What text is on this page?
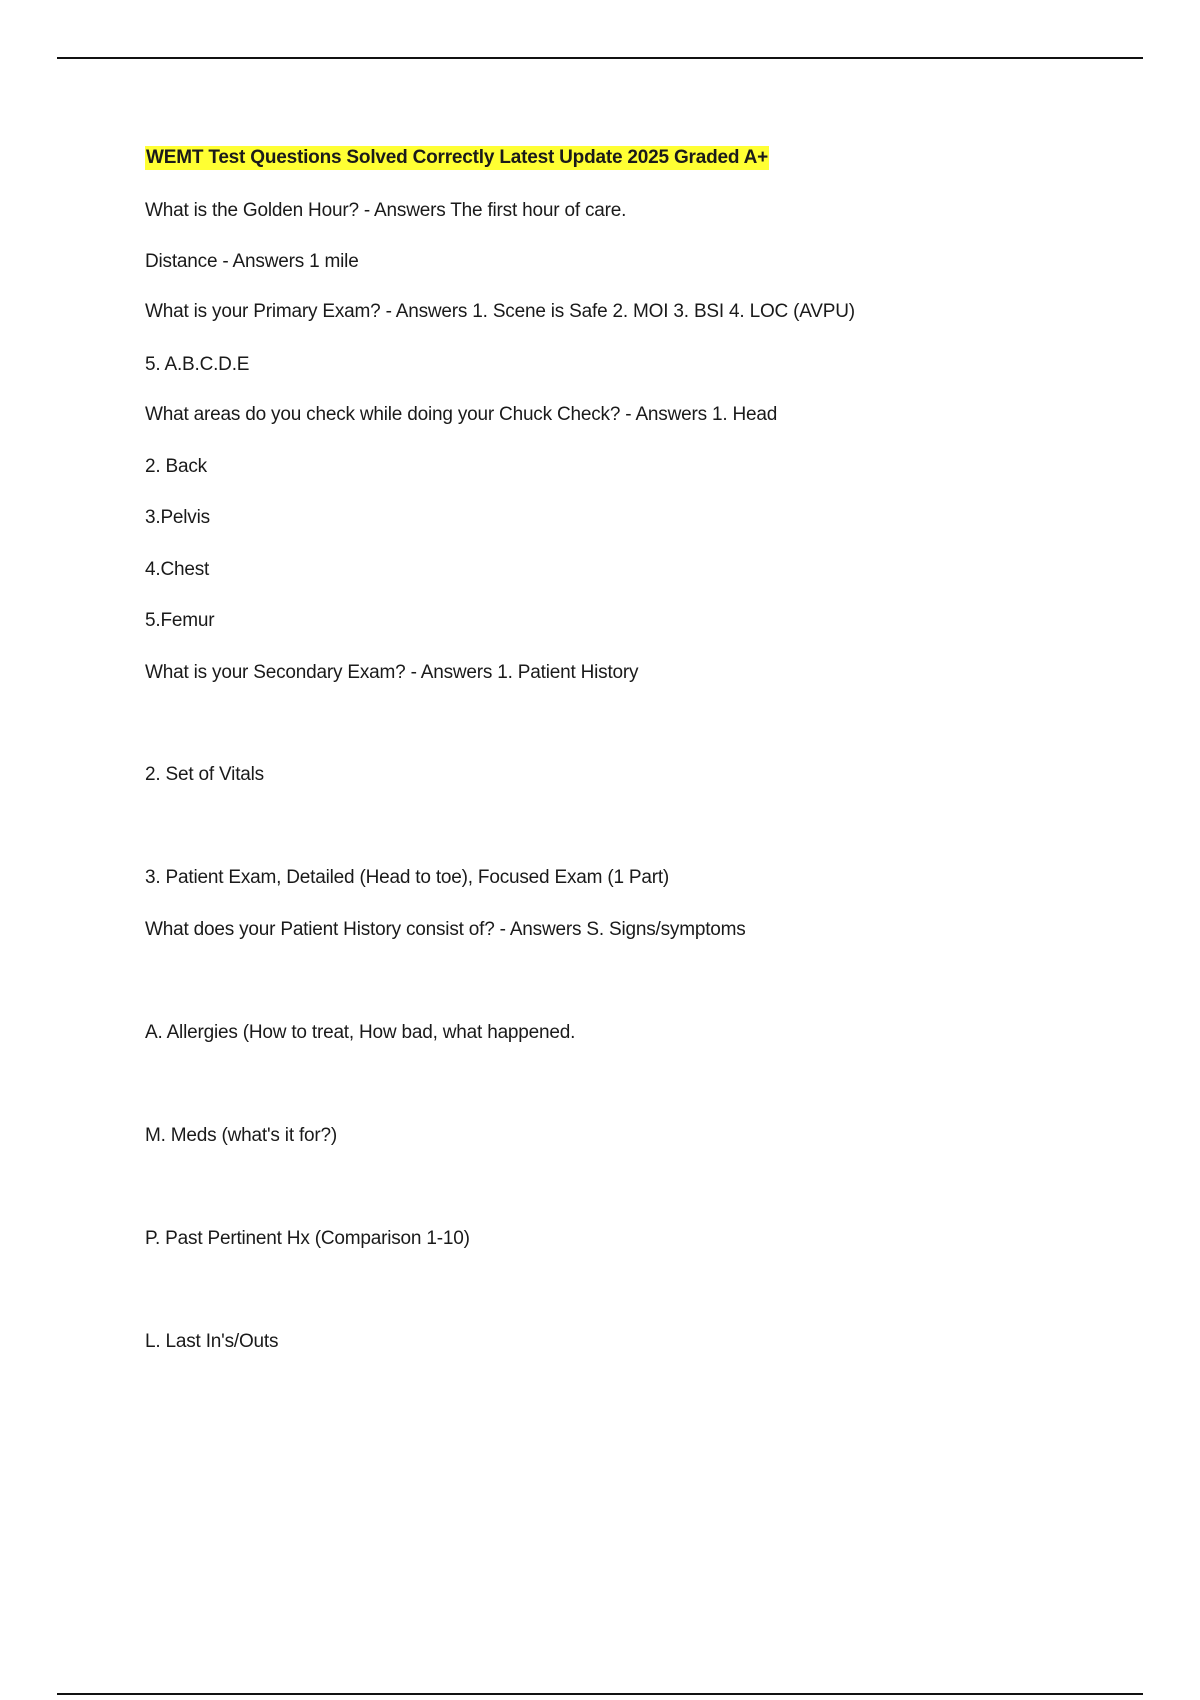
WEMT Test Questions Solved Correctly Latest Update 2025 Graded A+
What is the Golden Hour? - Answers The first hour of care.
Distance - Answers 1 mile
What is your Primary Exam? - Answers 1. Scene is Safe 2. MOI 3. BSI 4. LOC (AVPU)
5. A.B.C.D.E
What areas do you check while doing your Chuck Check? - Answers 1. Head
2. Back
3.Pelvis
4.Chest
5.Femur
What is your Secondary Exam? - Answers 1. Patient History
2. Set of Vitals
3. Patient Exam, Detailed (Head to toe), Focused Exam (1 Part)
What does your Patient History consist of? - Answers S. Signs/symptoms
A. Allergies (How to treat, How bad, what happened.
M. Meds (what's it for?)
P. Past Pertinent Hx (Comparison 1-10)
L. Last In's/Outs
